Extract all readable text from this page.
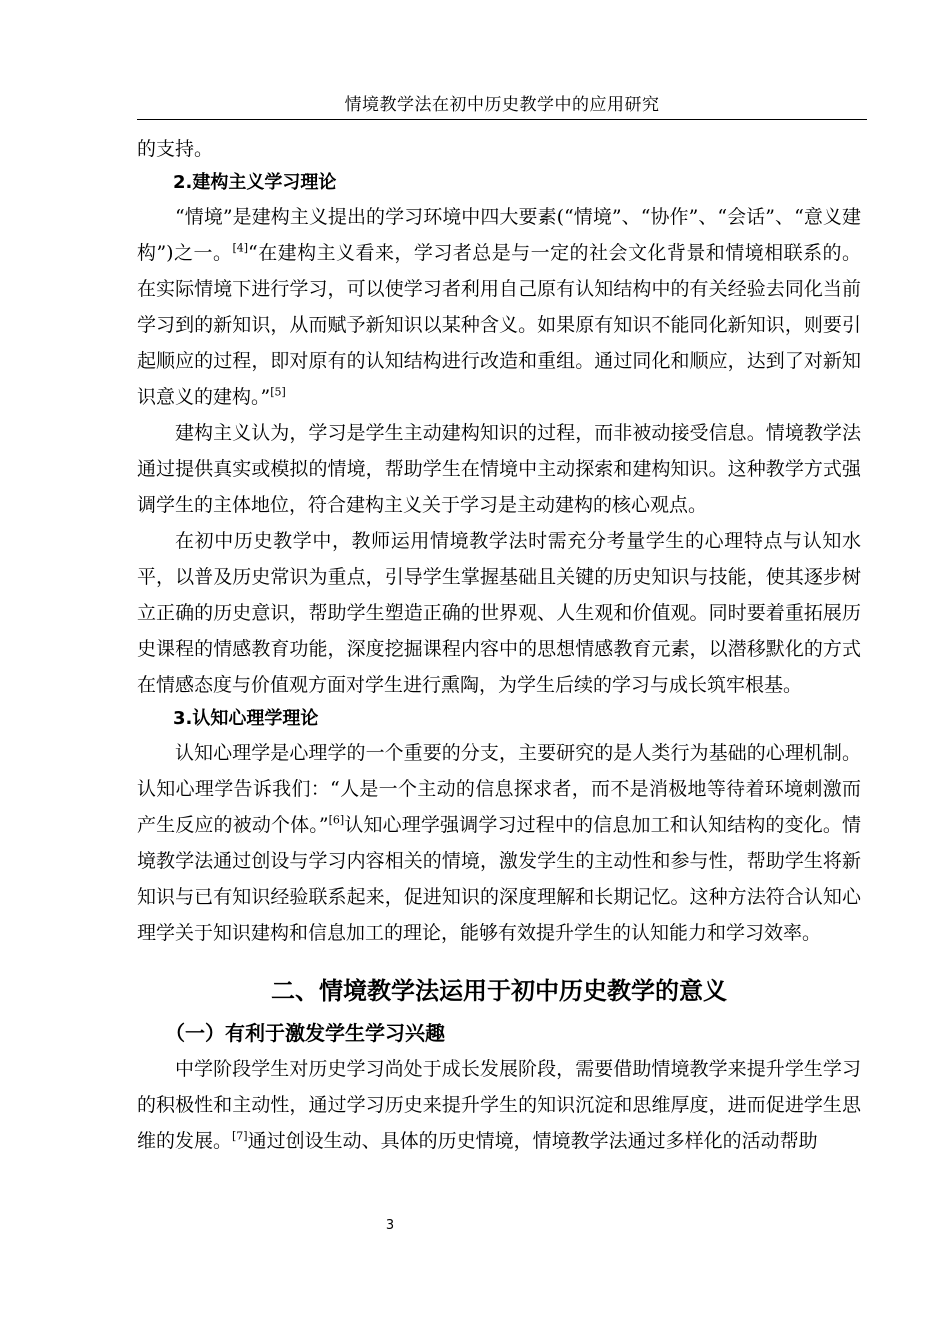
情境教学法在初中历史教学中的应用研究

的支持。

2.建构主义学习理论

“情境”是建构主义提出的学习环境中四大要素(“情境”、“协作”、“会话”、“意义建构”)之一。[4]“在建构主义看来，学习者总是与一定的社会文化背景和情境相联系的。在实际情境下进行学习，可以使学习者利用自己原有认知结构中的有关经验去同化当前学习到的新知识，从而赋予新知识以某种含义。如果原有知识不能同化新知识，则要引起顺应的过程，即对原有的认知结构进行改造和重组。通过同化和顺应，达到了对新知识意义的建构。”[5]

建构主义认为，学习是学生主动建构知识的过程，而非被动接受信息。情境教学法通过提供真实或模拟的情境，帮助学生在情境中主动探索和建构知识。这种教学方式强调学生的主体地位，符合建构主义关于学习是主动建构的核心观点。

在初中历史教学中，教师运用情境教学法时需充分考量学生的心理特点与认知水平，以普及历史常识为重点，引导学生掌握基础且关键的历史知识与技能，使其逐步树立正确的历史意识，帮助学生塑造正确的世界观、人生观和价值观。同时要着重拓展历史课程的情感教育功能，深度挖掘课程内容中的思想情感教育元素，以潜移默化的方式在情感态度与价值观方面对学生进行熏陶，为学生后续的学习与成长筑牢根基。

3.认知心理学理论

认知心理学是心理学的一个重要的分支，主要研究的是人类行为基础的心理机制。认知心理学告诉我们：“人是一个主动的信息探求者，而不是消极地等待着环境刺激而产生反应的被动个体。”[6]认知心理学强调学习过程中的信息加工和认知结构的变化。情境教学法通过创设与学习内容相关的情境，激发学生的主动性和参与性，帮助学生将新知识与已有知识经验联系起来，促进知识的深度理解和长期记忆。这种方法符合认知心理学关于知识建构和信息加工的理论，能够有效提升学生的认知能力和学习效率。

二、情境教学法运用于初中历史教学的意义

（一）有利于激发学生学习兴趣

中学阶段学生对历史学习尚处于成长发展阶段，需要借助情境教学来提升学生学习的积极性和主动性，通过学习历史来提升学生的知识沉淀和思维厚度，进而促进学生思维的发展。[7]通过创设生动、具体的历史情境，情境教学法通过多样化的活动帮助

3
